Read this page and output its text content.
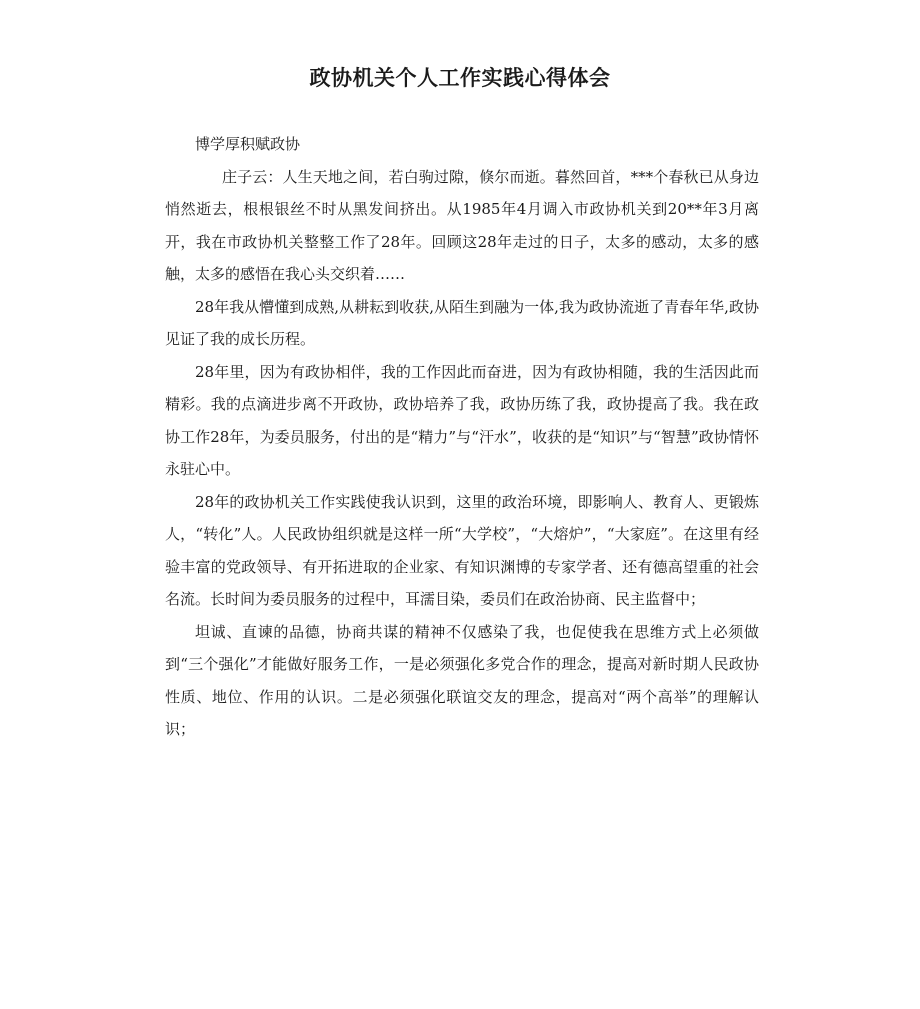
政协机关个人工作实践心得体会

博学厚积赋政协

庄子云：人生天地之间，若白驹过隙，倏尔而逝。暮然回首，***个春秋已从身边悄然逝去，根根银丝不时从黑发间挤出。从1985年4月调入市政协机关到20**年3月离开，我在市政协机关整整工作了28年。回顾这28年走过的日子，太多的感动，太多的感触，太多的感悟在我心头交织着……

28年我从懵懂到成熟,从耕耘到收获,从陌生到融为一体,我为政协流逝了青春年华,政协见证了我的成长历程。

28年里，因为有政协相伴，我的工作因此而奋进，因为有政协相随，我的生活因此而精彩。我的点滴进步离不开政协，政协培养了我，政协历练了我，政协提高了我。我在政协工作28年，为委员服务，付出的是“精力”与“汗水”，收获的是“知识”与“智慧”政协情怀永驻心中。

28年的政协机关工作实践使我认识到，这里的政治环境，即影响人、教育人、更锻炼人，“转化”人。人民政协组织就是这样一所“大学校”，“大熔炉”，“大家庭”。在这里有经验丰富的党政领导、有开拓进取的企业家、有知识渊博的专家学者、还有德高望重的社会名流。长时间为委员服务的过程中，耳濡目染，委员们在政治协商、民主监督中；

坦诚、直谏的品德，协商共谋的精神不仅感染了我，也促使我在思维方式上必须做到“三个强化”才能做好服务工作，一是必须强化多党合作的理念，提高对新时期人民政协性质、地位、作用的认识。二是必须强化联谊交友的理念，提高对“两个高举”的理解认识；
